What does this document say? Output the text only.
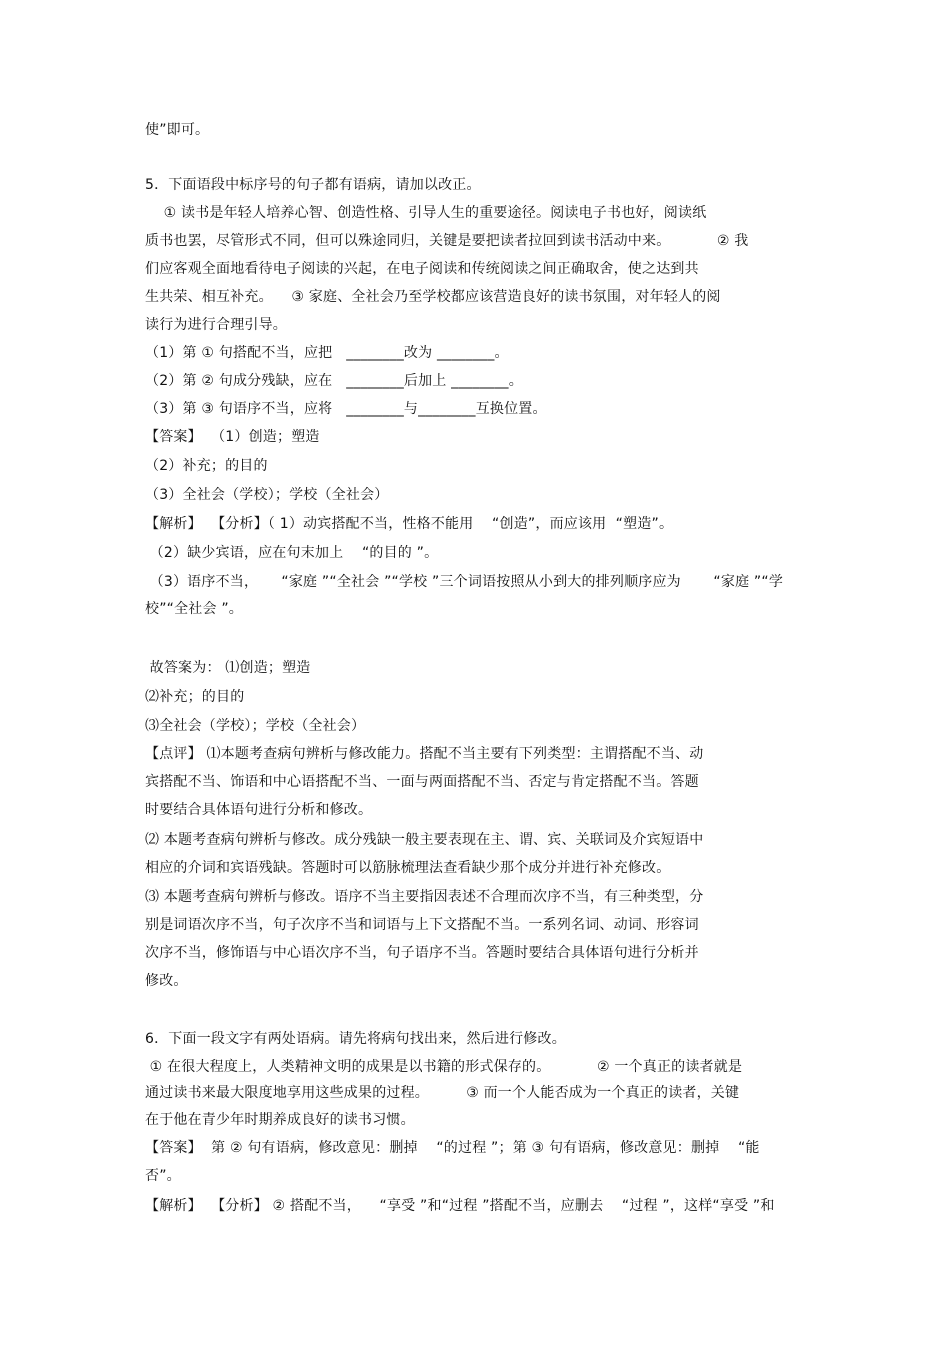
使”即可。
5．下面语段中标序号的句子都有语病，请加以改正。
① 读书是年轻人培养心智、创造性格、引导人生的重要途径。阅读电子书也好，阅读纸
质书也罢，尽管形式不同，但可以殊途同归，关键是要把读者拉回到读书活动中来。          ② 我
们应客观全面地看待电子阅读的兴起，在电子阅读和传统阅读之间正确取舍，使之达到共
生共荣、相互补充。    ③ 家庭、全社会乃至学校都应该营造良好的读书氛围，对年轻人的阅
读行为进行合理引导。
（1）第 ① 句搭配不当，应把   ________改为 ________。
（2）第 ② 句成分残缺，应在   ________后加上 ________。
（3）第 ③ 句语序不当，应将   ________与________互换位置。
【答案】  （1）创造；塑造
（2）补充；的目的
（3）全社会（学校）；学校（全社会）
【解析】  【分析】（ 1）动宾搭配不当，性格不能用    “创造”，而应该用  “塑造”。
（2）缺少宾语，应在句末加上    “的目的 ”。
（3）语序不当，     “家庭 ”“全社会 ”“学校 ”三个词语按照从小到大的排列顺序应为       “家庭 ”“学
校”“全社会 ”。
故答案为： ⑴创造；塑造
⑵补充；的目的
⑶全社会（学校）；学校（全社会）
【点评】 ⑴本题考查病句辨析与修改能力。搭配不当主要有下列类型：主谓搭配不当、动
宾搭配不当、饰语和中心语搭配不当、一面与两面搭配不当、否定与肯定搭配不当。答题
时要结合具体语句进行分析和修改。
⑵ 本题考查病句辨析与修改。成分残缺一般主要表现在主、谓、宾、关联词及介宾短语中
相应的介词和宾语残缺。答题时可以筋脉梳理法查看缺少那个成分并进行补充修改。
⑶ 本题考查病句辨析与修改。语序不当主要指因表述不合理而次序不当，有三种类型，分
别是词语次序不当，句子次序不当和词语与上下文搭配不当。一系列名词、动词、形容词
次序不当，修饰语与中心语次序不当，句子语序不当。答题时要结合具体语句进行分析并
修改。
6．下面一段文字有两处语病。请先将病句找出来，然后进行修改。
① 在很大程度上，人类精神文明的成果是以书籍的形式保存的。          ② 一个真正的读者就是
通过读书来最大限度地享用这些成果的过程。        ③ 而一个人能否成为一个真正的读者，关键
在于他在青少年时期养成良好的读书习惯。
【答案】  第 ② 句有语病，修改意见：删掉    “的过程 ”；第 ③ 句有语病，修改意见：删掉    “能
否”。
【解析】  【分析】 ② 搭配不当，    “享受 ”和“过程 ”搭配不当，应删去    “过程 ”，这样“享受 ”和
